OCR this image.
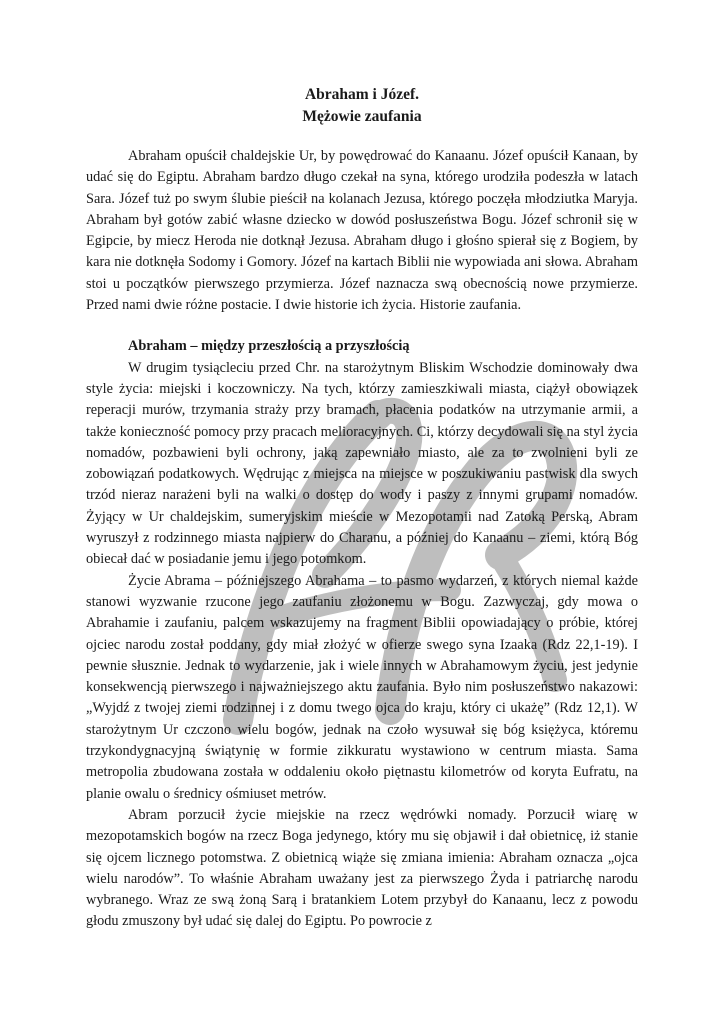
Abraham i Józef.
Mężowie zaufania

Abraham opuścił chaldejskie Ur, by powędrować do Kanaanu. Józef opuścił Kanaan, by udać się do Egiptu. Abraham bardzo długo czekał na syna, którego urodziła podeszła w latach Sara. Józef tuż po swym ślubie pieścił na kolanach Jezusa, którego poczęła młodziutka Maryja. Abraham był gotów zabić własne dziecko w dowód posłuszeństwa Bogu. Józef schronił się w Egipcie, by miecz Heroda nie dotknął Jezusa. Abraham długo i głośno spierał się z Bogiem, by kara nie dotknęła Sodomy i Gomory. Józef na kartach Biblii nie wypowiada ani słowa. Abraham stoi u początków pierwszego przymierza. Józef naznacza swą obecnością nowe przymierze. Przed nami dwie różne postacie. I dwie historie ich życia. Historie zaufania.

Abraham – między przeszłością a przyszłością

W drugim tysiącleciu przed Chr. na starożytnym Bliskim Wschodzie dominowały dwa style życia: miejski i koczowniczy. Na tych, którzy zamieszkiwali miasta, ciążył obowiązek reperacji murów, trzymania straży przy bramach, płacenia podatków na utrzymanie armii, a także konieczność pomocy przy pracach melioracyjnych. Ci, którzy decydowali się na styl życia nomadów, pozbawieni byli ochrony, jaką zapewniało miasto, ale za to zwolnieni byli ze zobowiązań podatkowych. Wędrując z miejsca na miejsce w poszukiwaniu pastwisk dla swych trzód nieraz narażeni byli na walki o dostęp do wody i paszy z innymi grupami nomadów. Żyjący w Ur chaldejskim, sumeryjskim mieście w Mezopotamii nad Zatoką Perską, Abram wyruszył z rodzinnego miasta najpierw do Charanu, a później do Kanaanu – ziemi, którą Bóg obiecał dać w posiadanie jemu i jego potomkom.

Życie Abrama – późniejszego Abrahama – to pasmo wydarzeń, z których niemal każde stanowi wyzwanie rzucone jego zaufaniu złożonemu w Bogu. Zazwyczaj, gdy mowa o Abrahamie i zaufaniu, palcem wskazujemy na fragment Biblii opowiadający o próbie, której ojciec narodu został poddany, gdy miał złożyć w ofierze swego syna Izaaka (Rdz 22,1-19). I pewnie słusznie. Jednak to wydarzenie, jak i wiele innych w Abrahamowym życiu, jest jedynie konsekwencją pierwszego i najważniejszego aktu zaufania. Było nim posłuszeństwo nakazowi: „Wyjdź z twojej ziemi rodzinnej i z domu twego ojca do kraju, który ci ukażę” (Rdz 12,1). W starożytnym Ur czczono wielu bogów, jednak na czoło wysuwał się bóg księżyca, któremu trzykondygnacyjną świątynię w formie zikkuratu wystawiono w centrum miasta. Sama metropolia zbudowana została w oddaleniu około piętnastu kilometrów od koryta Eufratu, na planie owalu o średnicy ośmiuset metrów.

Abram porzucił życie miejskie na rzecz wędrówki nomady. Porzucił wiarę w mezopotamskich bogów na rzecz Boga jedynego, który mu się objawił i dał obietnicę, iż stanie się ojcem licznego potomstwa. Z obietnicą wiąże się zmiana imienia: Abraham oznacza „ojca wielu narodów”. To właśnie Abraham uważany jest za pierwszego Żyda i patriarchę narodu wybranego. Wraz ze swą żoną Sarą i bratankiem Lotem przybył do Kanaanu, lecz z powodu głodu zmuszony był udać się dalej do Egiptu. Po powrocie z
